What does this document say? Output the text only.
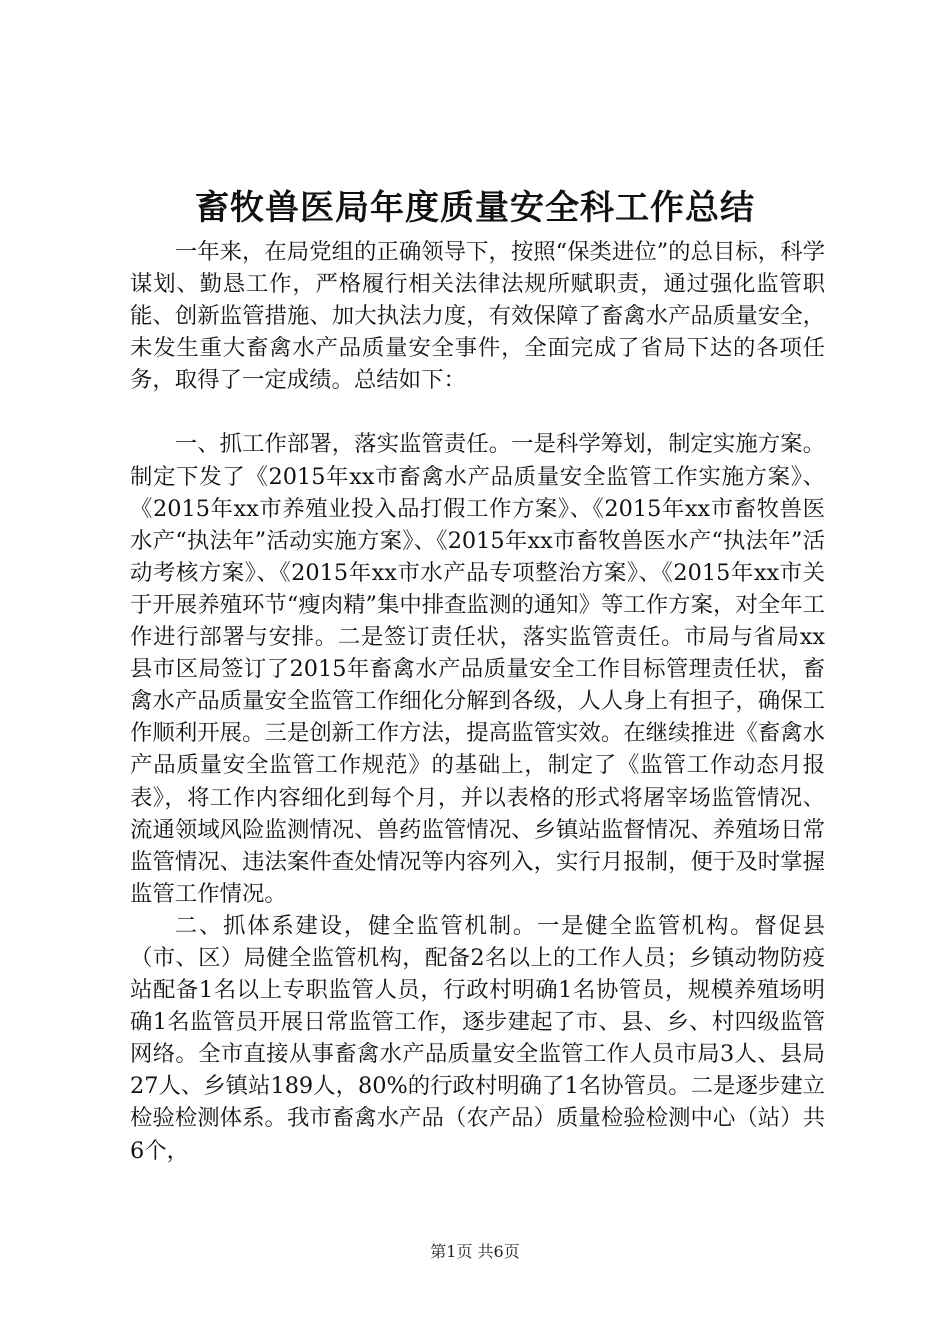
畜牧兽医局年度质量安全科工作总结

一年来，在局党组的正确领导下，按照“保类进位”的总目标，科学谋划、勤恳工作，严格履行相关法律法规所赋职责，通过强化监管职能、创新监管措施、加大执法力度，有效保障了畜禽水产品质量安全，未发生重大畜禽水产品质量安全事件，全面完成了省局下达的各项任务，取得了一定成绩。总结如下：

一、抓工作部署，落实监管责任。一是科学筹划，制定实施方案。制定下发了《2015年xx市畜禽水产品质量安全监管工作实施方案》、《2015年xx市养殖业投入品打假工作方案》、《2015年xx市畜牧兽医水产“执法年”活动实施方案》、《2015年xx市畜牧兽医水产“执法年”活动考核方案》、《2015年xx市水产品专项整治方案》、《2015年xx市关于开展养殖环节“瘦肉精”集中排查监测的通知》等工作方案，对全年工作进行部署与安排。二是签订责任状，落实监管责任。市局与省局xx县市区局签订了2015年畜禽水产品质量安全工作目标管理责任状，畜禽水产品质量安全监管工作细化分解到各级，人人身上有担子，确保工作顺利开展。三是创新工作方法，提高监管实效。在继续推进《畜禽水产品质量安全监管工作规范》的基础上，制定了《监管工作动态月报表》，将工作内容细化到每个月，并以表格的形式将屠宰场监管情况、流通领域风险监测情况、兽药监管情况、乡镇站监督情况、养殖场日常监管情况、违法案件查处情况等内容列入，实行月报制，便于及时掌握监管工作情况。

二、抓体系建设，健全监管机制。一是健全监管机构。督促县（市、区）局健全监管机构，配备2名以上的工作人员；乡镇动物防疫站配备1名以上专职监管人员，行政村明确1名协管员，规模养殖场明确1名监管员开展日常监管工作，逐步建起了市、县、乡、村四级监管网络。全市直接从事畜禽水产品质量安全监管工作人员市局3人、县局27人、乡镇站189人，80%的行政村明确了1名协管员。二是逐步建立检验检测体系。我市畜禽水产品（农产品）质量检验检测中心（站）共6个，

第1页 共6页
